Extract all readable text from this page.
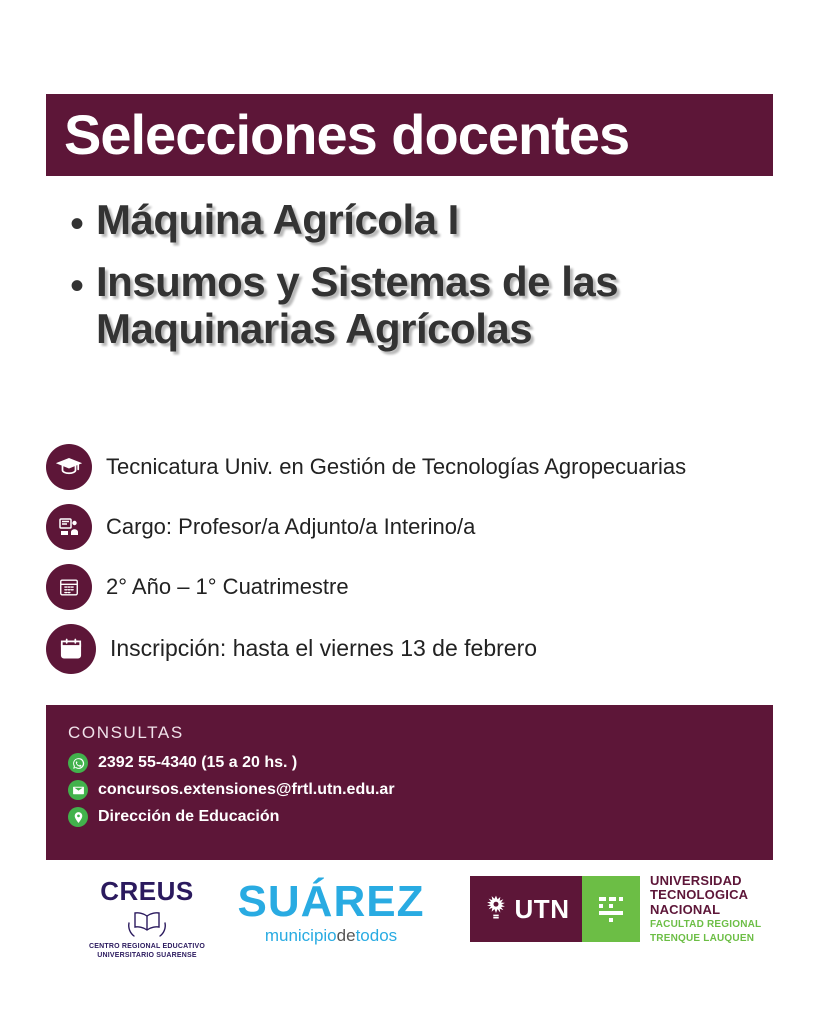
Selecciones docentes
• Máquina Agrícola I
• Insumos y Sistemas de las Maquinarias Agrícolas
Tecnicatura Univ. en Gestión de Tecnologías Agropecuarias
Cargo: Profesor/a Adjunto/a Interino/a
2° Año – 1° Cuatrimestre
Inscripción: hasta el viernes 13 de febrero
CONSULTAS
2392 55-4340 (15 a 20 hs. )
concursos.extensiones@frtl.utn.edu.ar
Dirección de Educación
CREUS
CENTRO REGIONAL EDUCATIVO
UNIVERSITARIO SUARENSE
SUÁREZ
municipiodetodos
UTN
UNIVERSIDAD
TECNOLOGICA
NACIONAL
FACULTAD REGIONAL
TRENQUE LAUQUEN
